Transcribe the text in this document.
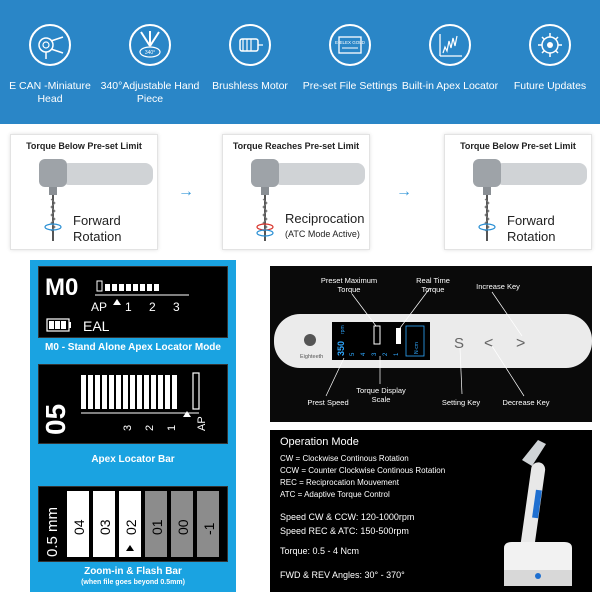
E CAN -Miniature Head
340°
340°Adjustable Hand Piece
Brushless Motor
E-ELEX GOLD
Pre-set File Settings Built-in Apex Locator	Future Updates
Torque Below Pre-set Limit
Forward
Rotation
→
Torque Reaches Pre-set Limit
Reciprocation
(ATC Mode Active)
→
Torque Below Pre-set Limit
Forward
Rotation
M0
AP 1 2 3
EAL
M0 - Stand Alone Apex Locator Mode
05	3 2 1 AP
Apex Locator Bar
0.5 mm 04 03 02 01 00 -1
Zoom-in & Flash Bar
(when file goes beyond 0.5mm)
Eighteeth
350
rpm
5 4 3 2 1
N·cm S < >
Preset Maximum Torque
Real Time Torque	Increase Key
Prest Speed
Torque Display Scale	Setting Key	Decrease Key
Operation Mode
CW = Clockwise Continous Rotation
CCW = Counter Clockwise Continous Rotation
REC = Reciprocation Mouvement
ATC = Adaptive Torque Control
Speed CW & CCW: 120-1000rpm
Speed REC & ATC: 150-500rpm
Torque: 0.5 - 4 Ncm
FWD & REV Angles: 30° - 370°
